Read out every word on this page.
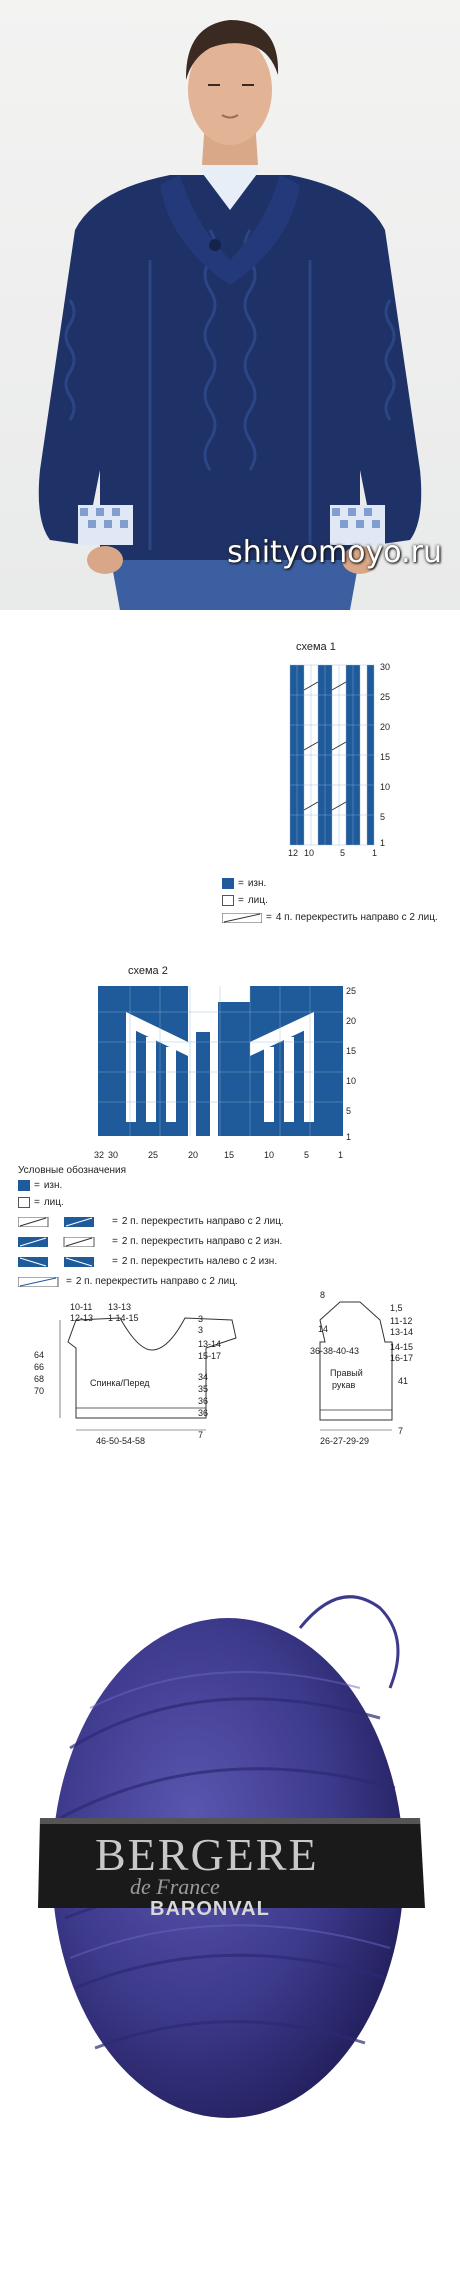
shityomoyo.ru
схема 1
30
25
20
15
10
5
1
12 10	5	1
= изн.
= лиц.
= 4 п. перекрестить направо с 2 лиц.
схема 2
25
20
15
10
5
1
32 30	25	20	15	10	5	1
Условные обозначения
= изн.
= лиц.
= 2 п. перекрестить направо с 2 лиц.
= 2 п. перекрестить направо с 2 изн.
= 2 п. перекрестить налево с 2 изн.
= 2 п. перекрестить направо с 2 лиц.
10-11
12-13
13-13
1 14-15	3
3
13-14
15-17
64
66
68
70
34
35
36
36
Спинка/Перед
7
46-50-54-58
8
14
1,5
11-12
13-14
14-15
16-17
36-38-40-43
Правый
рукав	41
7
26-27-29-29
BERGERE
de France
BARONVAL
